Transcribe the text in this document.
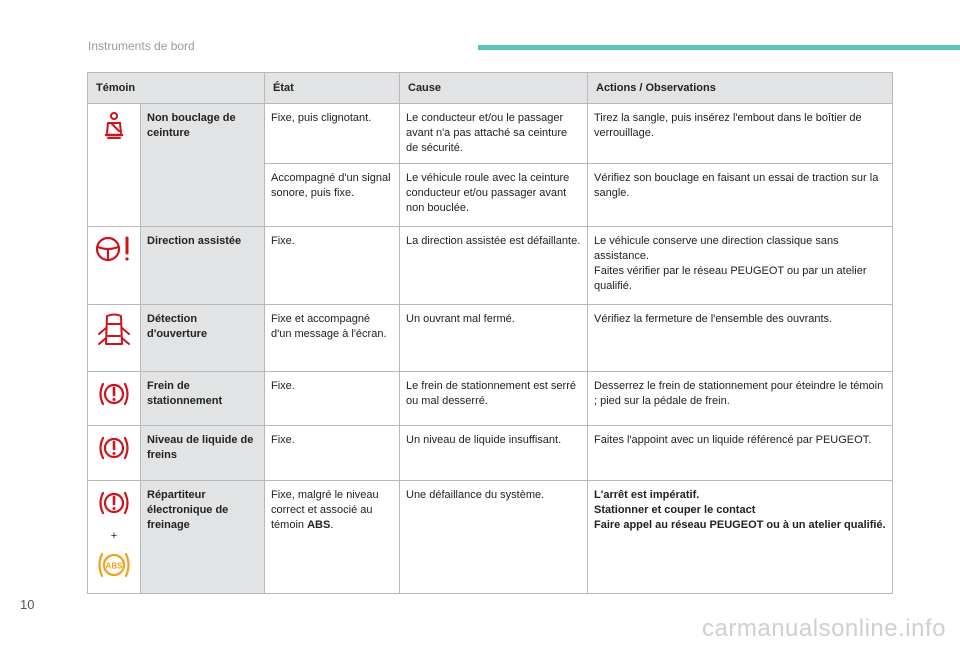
Instruments de bord
Témoin		État	Cause	Actions / Observations
	Non bouclage de ceinture	Fixe, puis clignotant.	Le conducteur et/ou le passager avant n'a pas attaché sa ceinture de sécurité.	Tirez la sangle, puis insérez l'embout dans le boîtier de verrouillage.
		Accompagné d'un signal sonore, puis fixe.	Le véhicule roule avec la ceinture conducteur et/ou passager avant non bouclée.	Vérifiez son bouclage en faisant un essai de traction sur la sangle.
	Direction assistée	Fixe.	La direction assistée est défaillante.	Le véhicule conserve une direction classique sans assistance.
Faites vérifier par le réseau PEUGEOT ou par un atelier qualifié.
	Détection d'ouverture	Fixe et accompagné d'un message à l'écran.	Un ouvrant mal fermé.	Vérifiez la fermeture de l'ensemble des ouvrants.
	Frein de stationnement	Fixe.	Le frein de stationnement est serré ou mal desserré.	Desserrez le frein de stationnement pour éteindre le témoin ; pied sur la pédale de frein.
	Niveau de liquide de freins	Fixe.	Un niveau de liquide insuffisant.	Faites l'appoint avec un liquide référencé par PEUGEOT.

+
ABS	Répartiteur électronique de freinage	Fixe, malgré le niveau correct et associé au témoin ABS.	Une défaillance du système.	L'arrêt est impératif.
Stationner et couper le contact
Faire appel au réseau PEUGEOT ou à un atelier qualifié.
10
carmanualsonline.info
